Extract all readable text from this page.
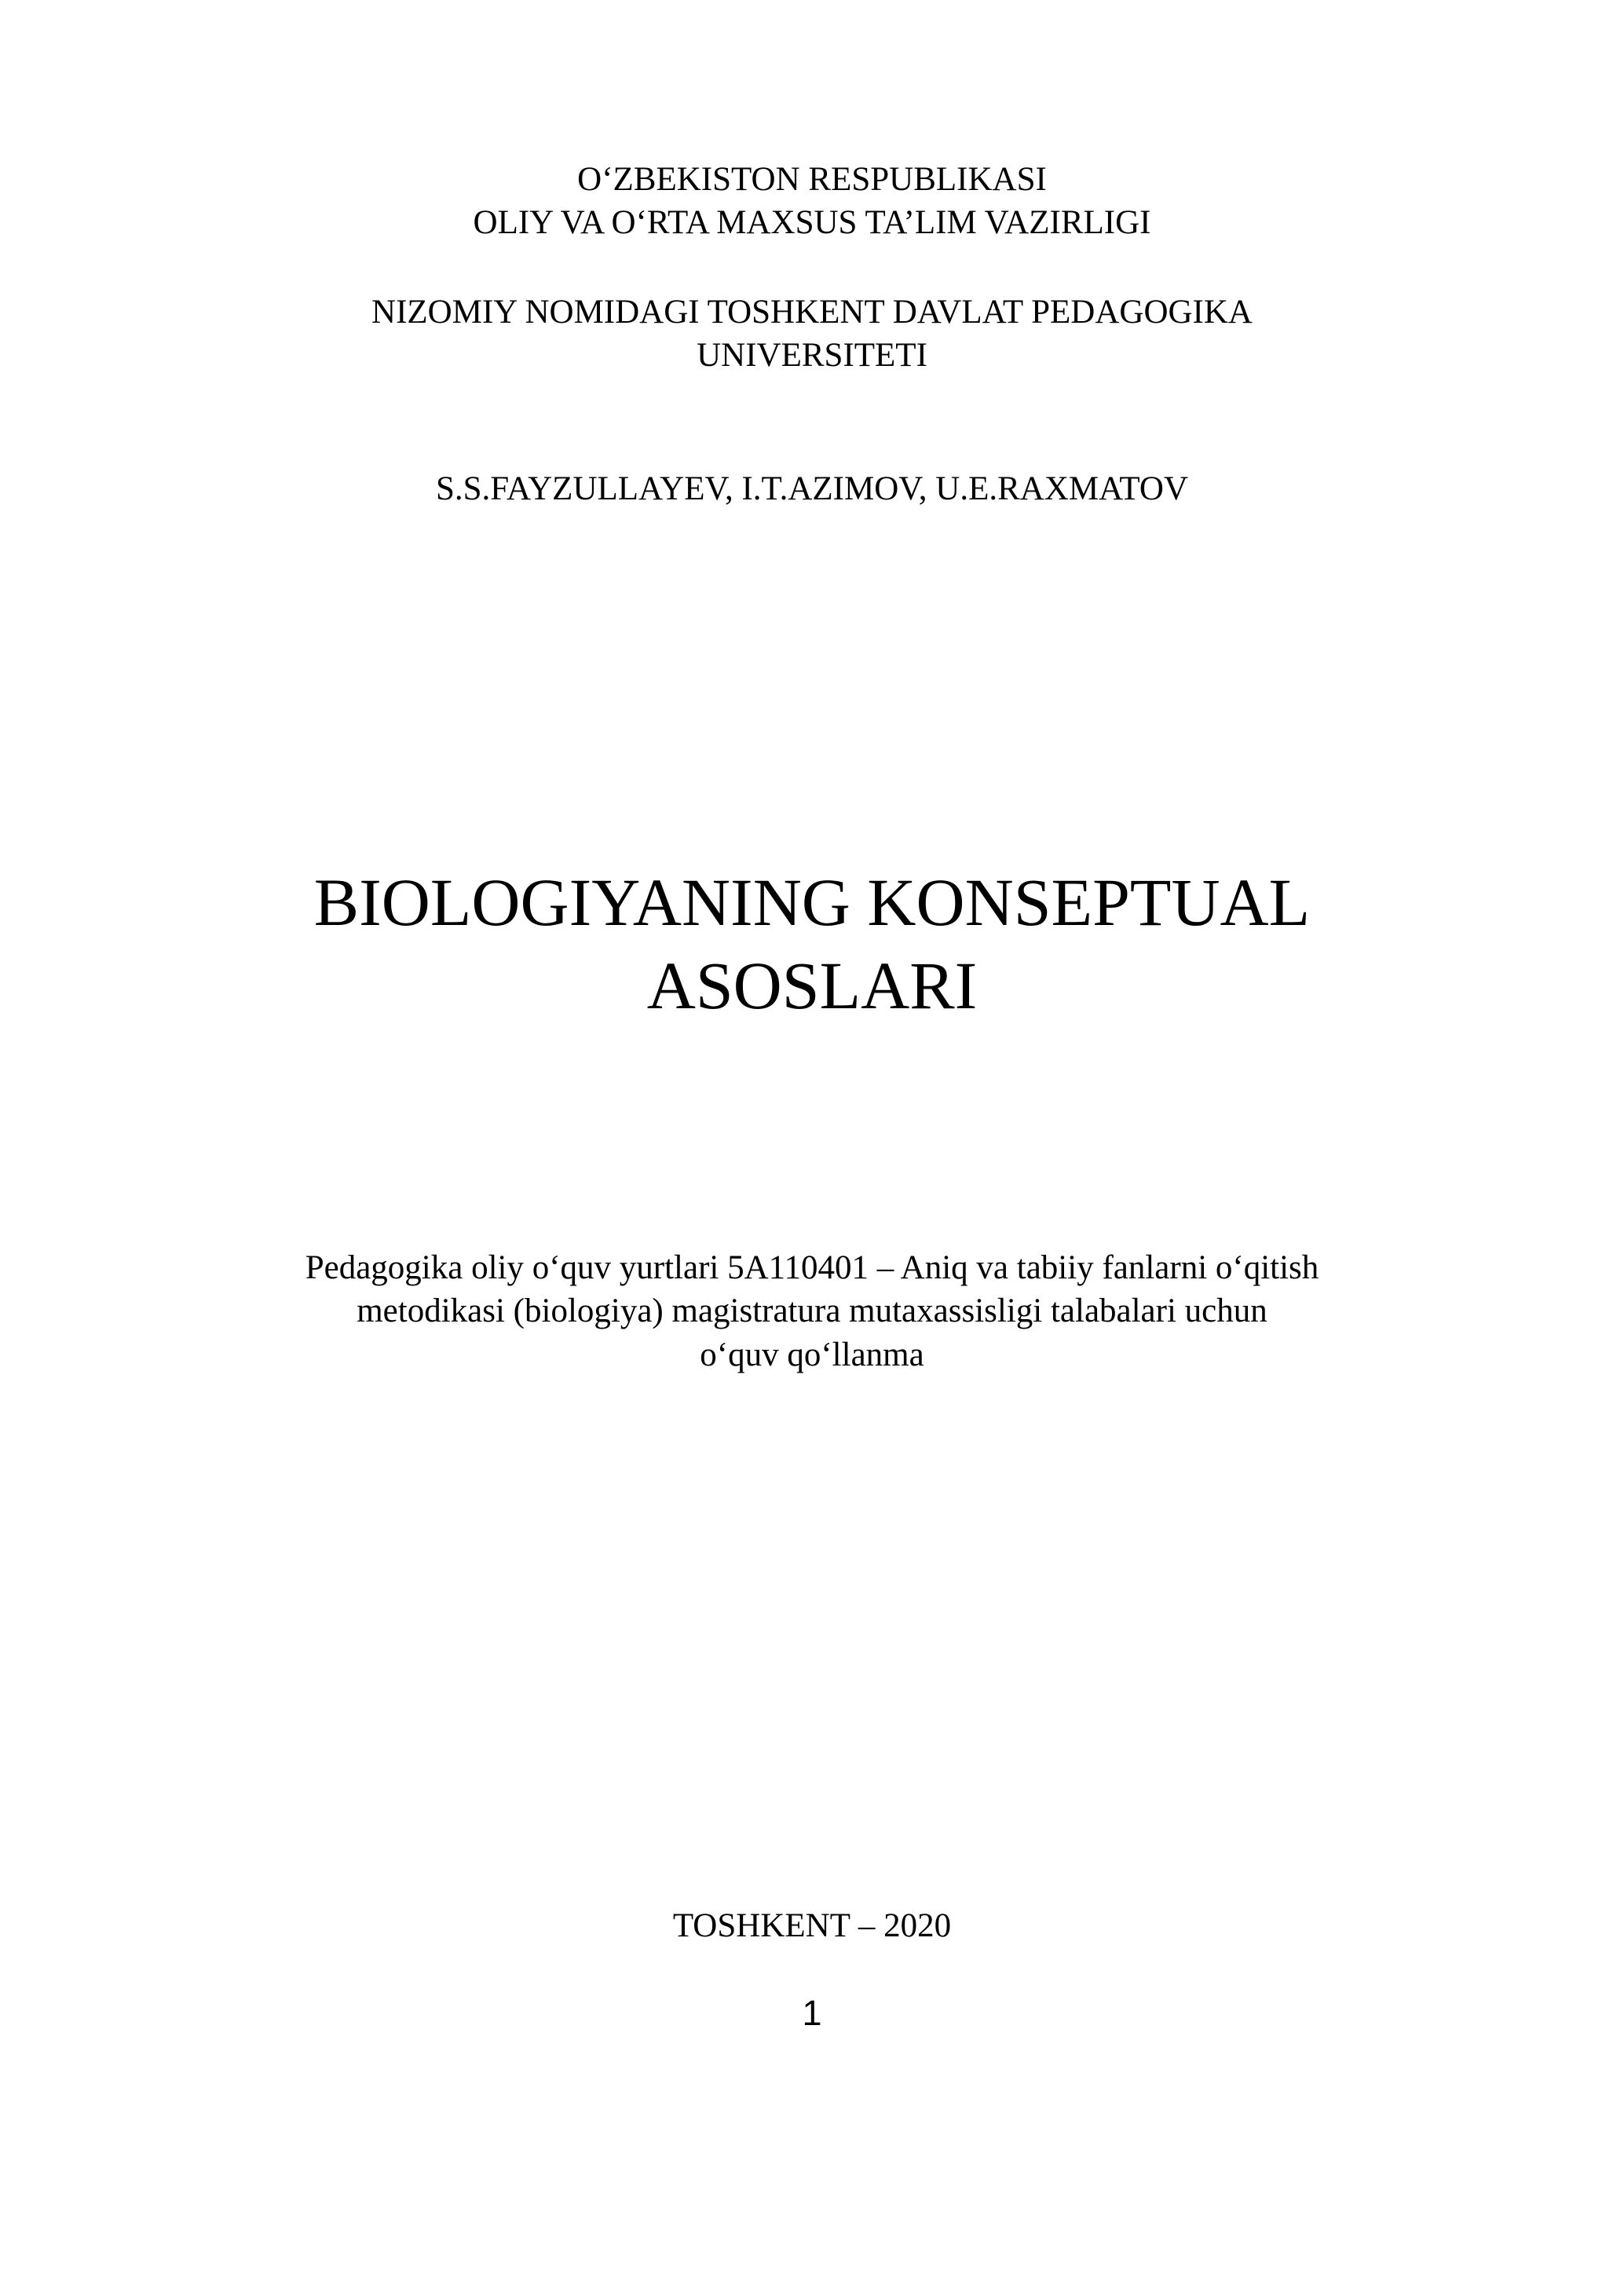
O‘ZBEKISTON RESPUBLIKASI
OLIY VA O‘RTA MAXSUS TA’LIM VAZIRLIGI
NIZOMIY NOMIDAGI TOSHKENT DAVLAT PEDAGOGIKA
UNIVERSITETI
S.S.FAYZULLAYEV, I.T.AZIMOV, U.E.RAXMATOV
BIOLOGIYANING KONSEPTUAL
ASOSLARI
Pedagogika oliy o‘quv yurtlari 5A110401 – Aniq va tabiiy fanlarni o‘qitish
metodikasi (biologiya) magistratura mutaxassisligi talabalari uchun
o‘quv qo‘llanma
TOSHKENT – 2020
1
